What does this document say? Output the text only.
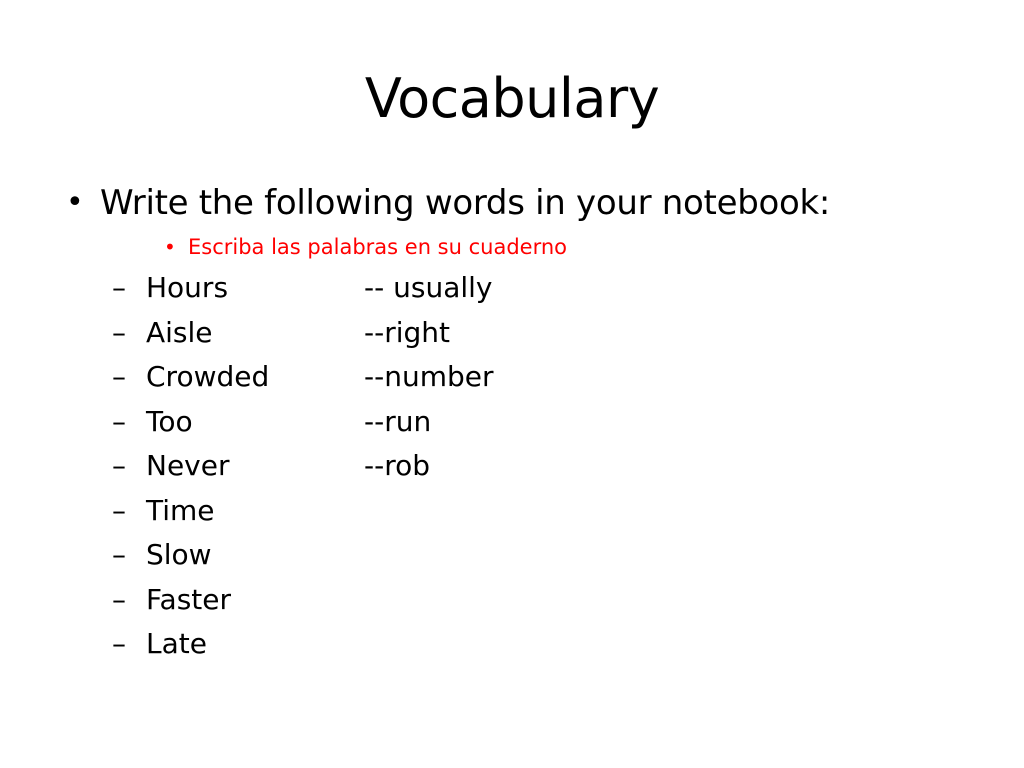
Vocabulary
• Write the following words in your notebook:
• Escriba las palabras en su cuaderno
– Hours	-- usually
– Aisle	--right
– Crowded	--number
– Too	--run
– Never	--rob
– Time
– Slow
– Faster
– Late
